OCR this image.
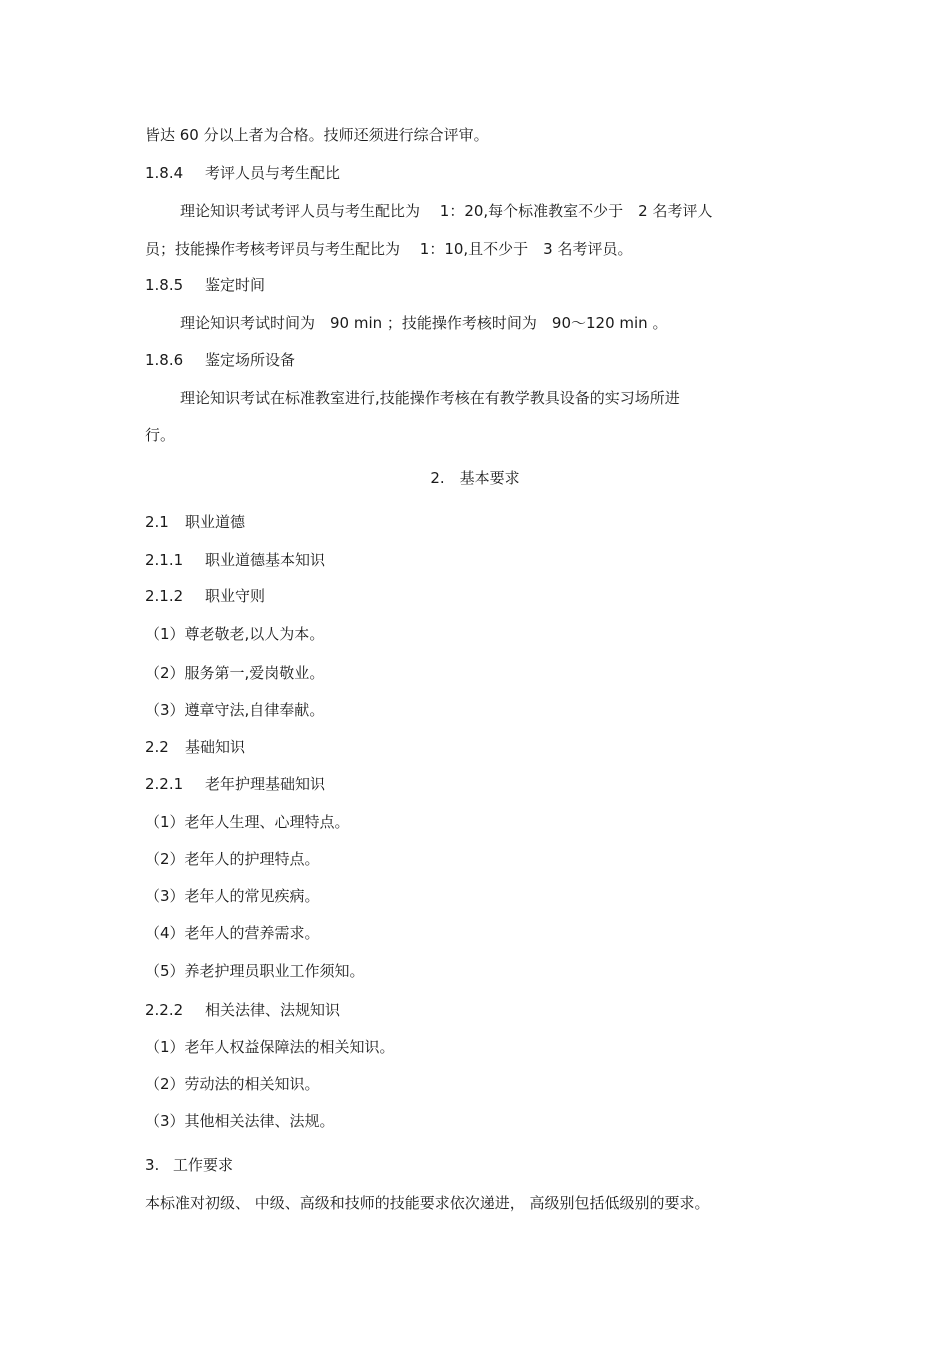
皆达 60 分以上者为合格。技师还须进行综合评审。
1.8.4 考评人员与考生配比
理论知识考试考评人员与考生配比为　 1：20,每个标准教室不少于　2 名考评人
员；技能操作考核考评员与考生配比为　 1：10,且不少于　3 名考评员。
1.8.5 鉴定时间
理论知识考试时间为　90 min ；技能操作考核时间为　90～120 min 。
1.8.6 鉴定场所设备
理论知识考试在标准教室进行,技能操作考核在有教学教具设备的实习场所进
行。
2.　 基本要求
2.1 职业道德
2.1.1 职业道德基本知识
2.1.2 职业守则
（1）尊老敬老,以人为本。
（2）服务第一,爱岗敬业。
（3）遵章守法,自律奉献。
2.2 基础知识
2.2.1 老年护理基础知识
（1）老年人生理、心理特点。
（2）老年人的护理特点。
（3）老年人的常见疾病。
（4）老年人的营养需求。
（5）养老护理员职业工作须知。
2.2.2 相关法律、法规知识
（1）老年人权益保障法的相关知识。
（2）劳动法的相关知识。
（3）其他相关法律、法规。
3. 工作要求
本标准对初级、 中级、高级和技师的技能要求依次递进， 高级别包括低级别的要求。
